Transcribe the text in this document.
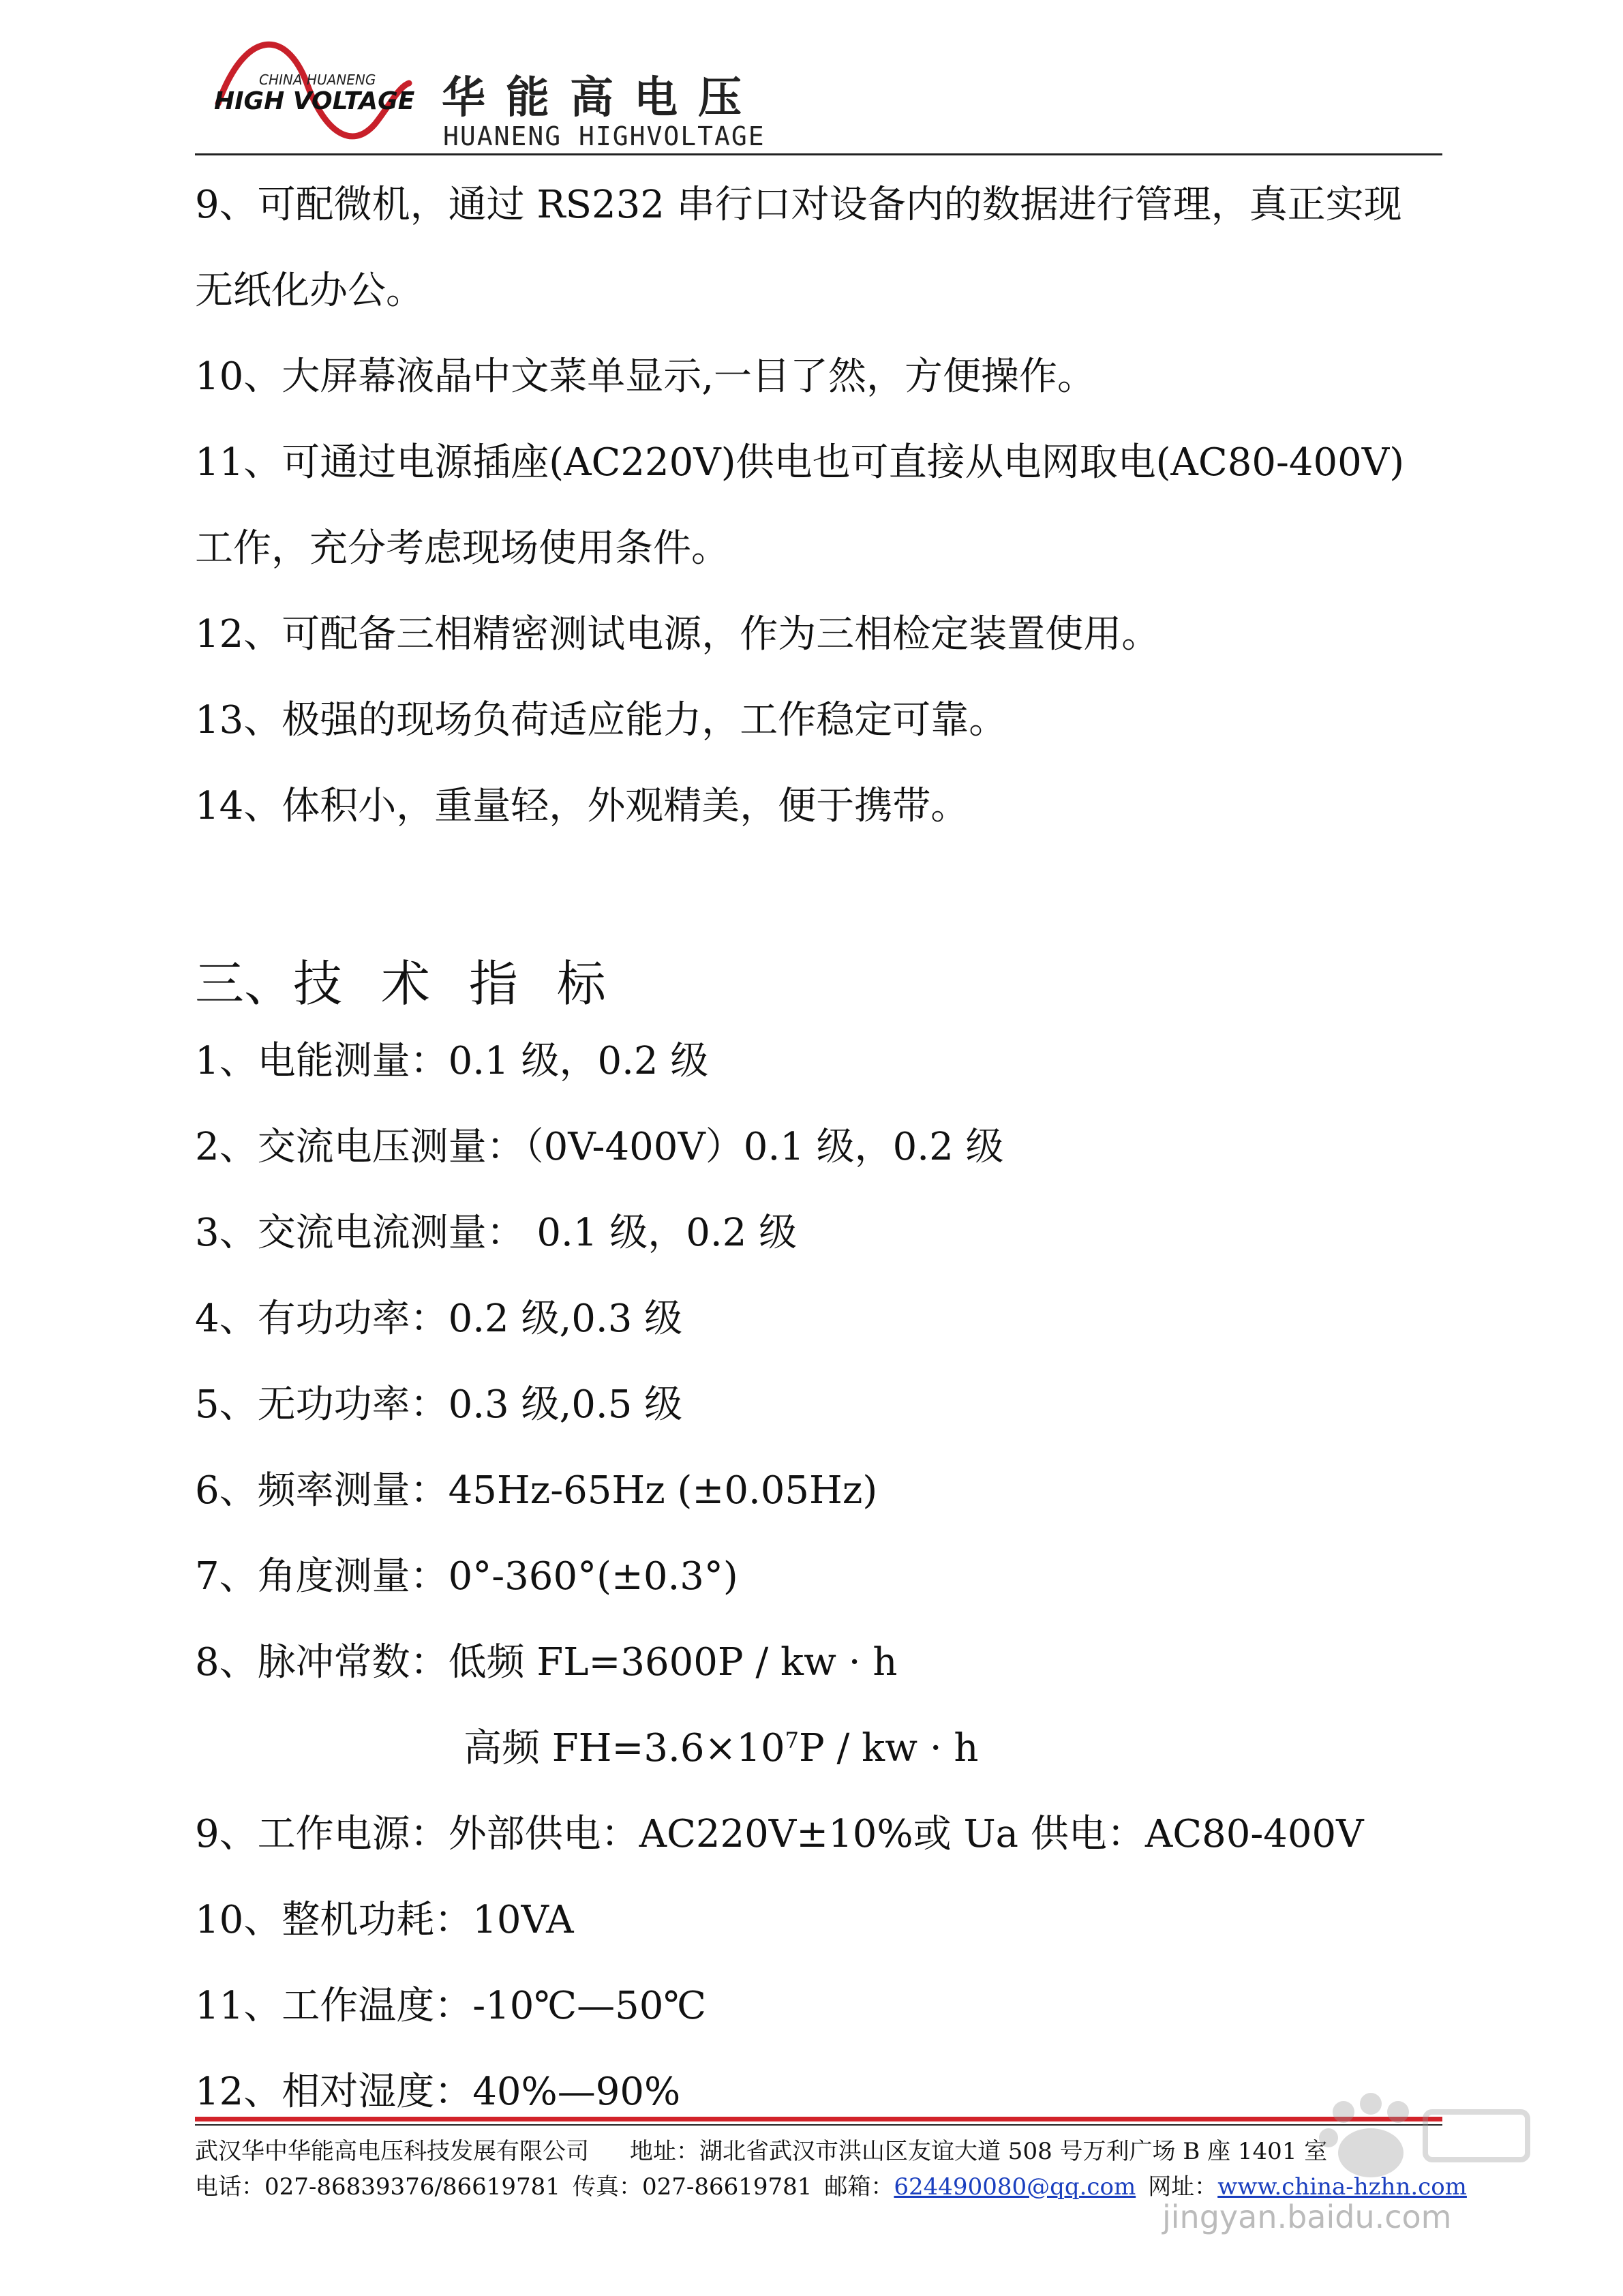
CHINA HUANENG
HIGH VOLTAGE 华能高电压
HUANENG HIGHVOLTAGE
9、可配微机，通过 RS232 串行口对设备内的数据进行管理，真正实现
无纸化办公。
10、大屏幕液晶中文菜单显示,一目了然，方便操作。
11、可通过电源插座(AC220V)供电也可直接从电网取电(AC80-400V)
工作，充分考虑现场使用条件。
12、可配备三相精密测试电源，作为三相检定装置使用。
13、极强的现场负荷适应能力，工作稳定可靠。
14、体积小，重量轻，外观精美，便于携带。
三、技 术 指 标
1、电能测量：0.1 级，0.2 级
2、交流电压测量：（0V-400V）0.1 级，0.2 级
3、交流电流测量： 0.1 级，0.2 级
4、有功功率：0.2 级,0.3 级
5、无功功率：0.3 级,0.5 级
6、频率测量：45Hz-65Hz (±0.05Hz)
7、角度测量：0°-360°(±0.3°)
8、脉冲常数：低频 FL=3600P / kw · h
高频 $FH=3.6\times 10^7P$ / kw · h
9、工作电源：外部供电：AC220V±10%或 Ua 供电：AC80-400V
10、整机功耗：10VA
11、工作温度：-10℃—50℃
12、相对湿度：40%—90%
武汉华中华能高电压科技发展有限公司 地址：湖北省武汉市洪山区友谊大道 508 号万利广场 B 座 1401 室
电话：027-86839376/86619781 传真：027-86619781 邮箱：624490080@qq.com 网址：www.china-hzhn.com
jingyan.baidu.com
